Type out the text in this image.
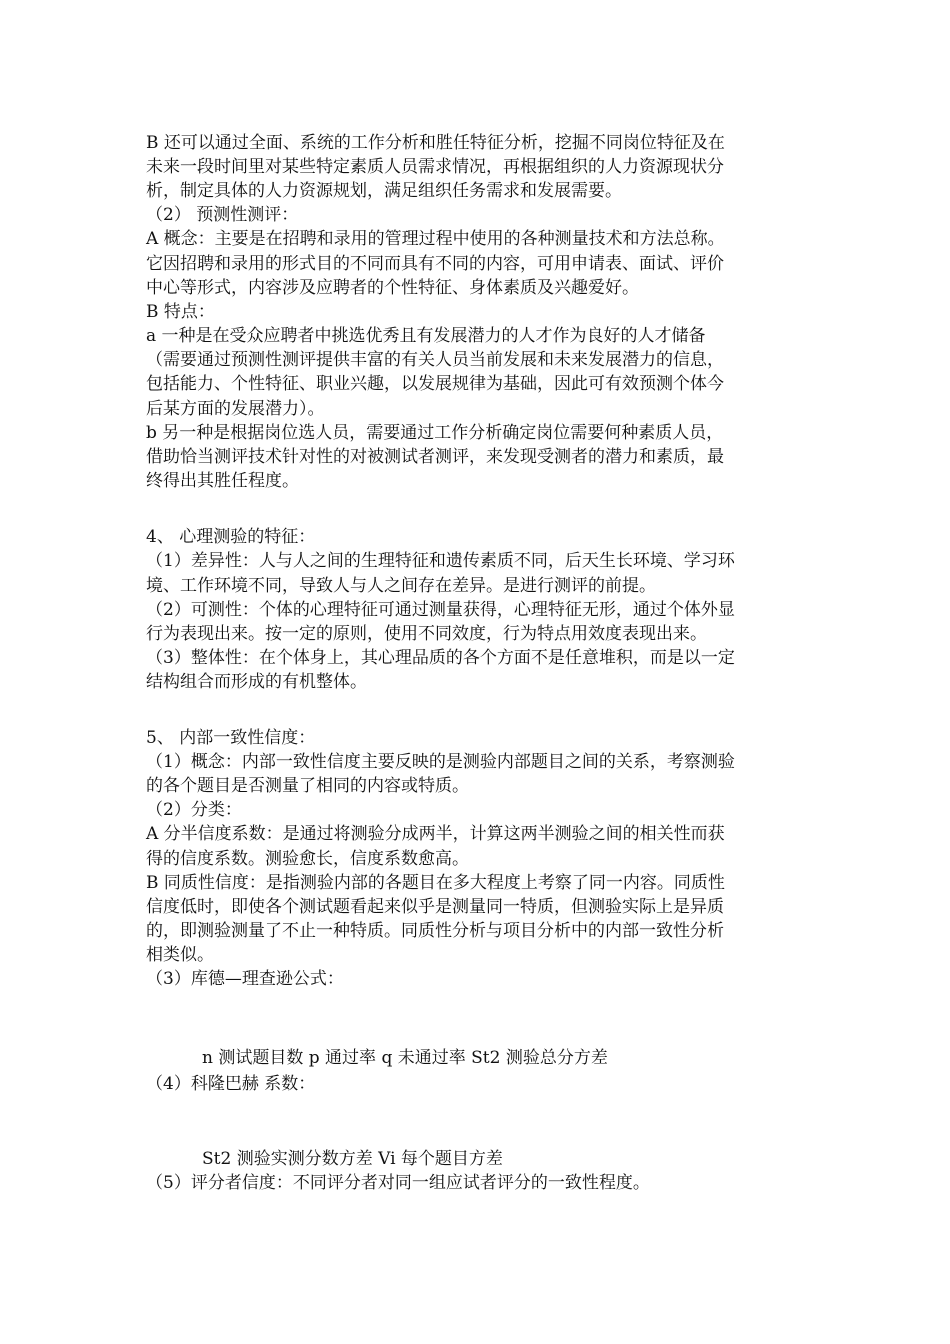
B 还可以通过全面、系统的工作分析和胜任特征分析，挖掘不同岗位特征及在
未来一段时间里对某些特定素质人员需求情况，再根据组织的人力资源现状分
析，制定具体的人力资源规划，满足组织任务需求和发展需要。
（2） 预测性测评：
A 概念：主要是在招聘和录用的管理过程中使用的各种测量技术和方法总称。
它因招聘和录用的形式目的不同而具有不同的内容，可用申请表、面试、评价
中心等形式，内容涉及应聘者的个性特征、身体素质及兴趣爱好。
B 特点：
a 一种是在受众应聘者中挑选优秀且有发展潜力的人才作为良好的人才储备
（需要通过预测性测评提供丰富的有关人员当前发展和未来发展潜力的信息，
包括能力、个性特征、职业兴趣，以发展规律为基础，因此可有效预测个体今
后某方面的发展潜力）。
b 另一种是根据岗位选人员，需要通过工作分析确定岗位需要何种素质人员，
借助恰当测评技术针对性的对被测试者测评，来发现受测者的潜力和素质，最
终得出其胜任程度。
4、 心理测验的特征：
（1）差异性：人与人之间的生理特征和遗传素质不同，后天生长环境、学习环
境、工作环境不同，导致人与人之间存在差异。是进行测评的前提。
（2）可测性：个体的心理特征可通过测量获得，心理特征无形，通过个体外显
行为表现出来。按一定的原则，使用不同效度，行为特点用效度表现出来。
（3）整体性：在个体身上，其心理品质的各个方面不是任意堆积，而是以一定
结构组合而形成的有机整体。
5、 内部一致性信度：
（1）概念：内部一致性信度主要反映的是测验内部题目之间的关系，考察测验
的各个题目是否测量了相同的内容或特质。
（2）分类：
A 分半信度系数：是通过将测验分成两半，计算这两半测验之间的相关性而获
得的信度系数。测验愈长，信度系数愈高。
B 同质性信度：是指测验内部的各题目在多大程度上考察了同一内容。同质性
信度低时，即使各个测试题看起来似乎是测量同一特质，但测验实际上是异质
的，即测验测量了不止一种特质。同质性分析与项目分析中的内部一致性分析
相类似。
（3）库德—理查逊公式：
n 测试题目数 p 通过率 q 未通过率 St2 测验总分方差
（4）科隆巴赫 系数：
St2 测验实测分数方差 Vi 每个题目方差
（5）评分者信度：不同评分者对同一组应试者评分的一致性程度。
